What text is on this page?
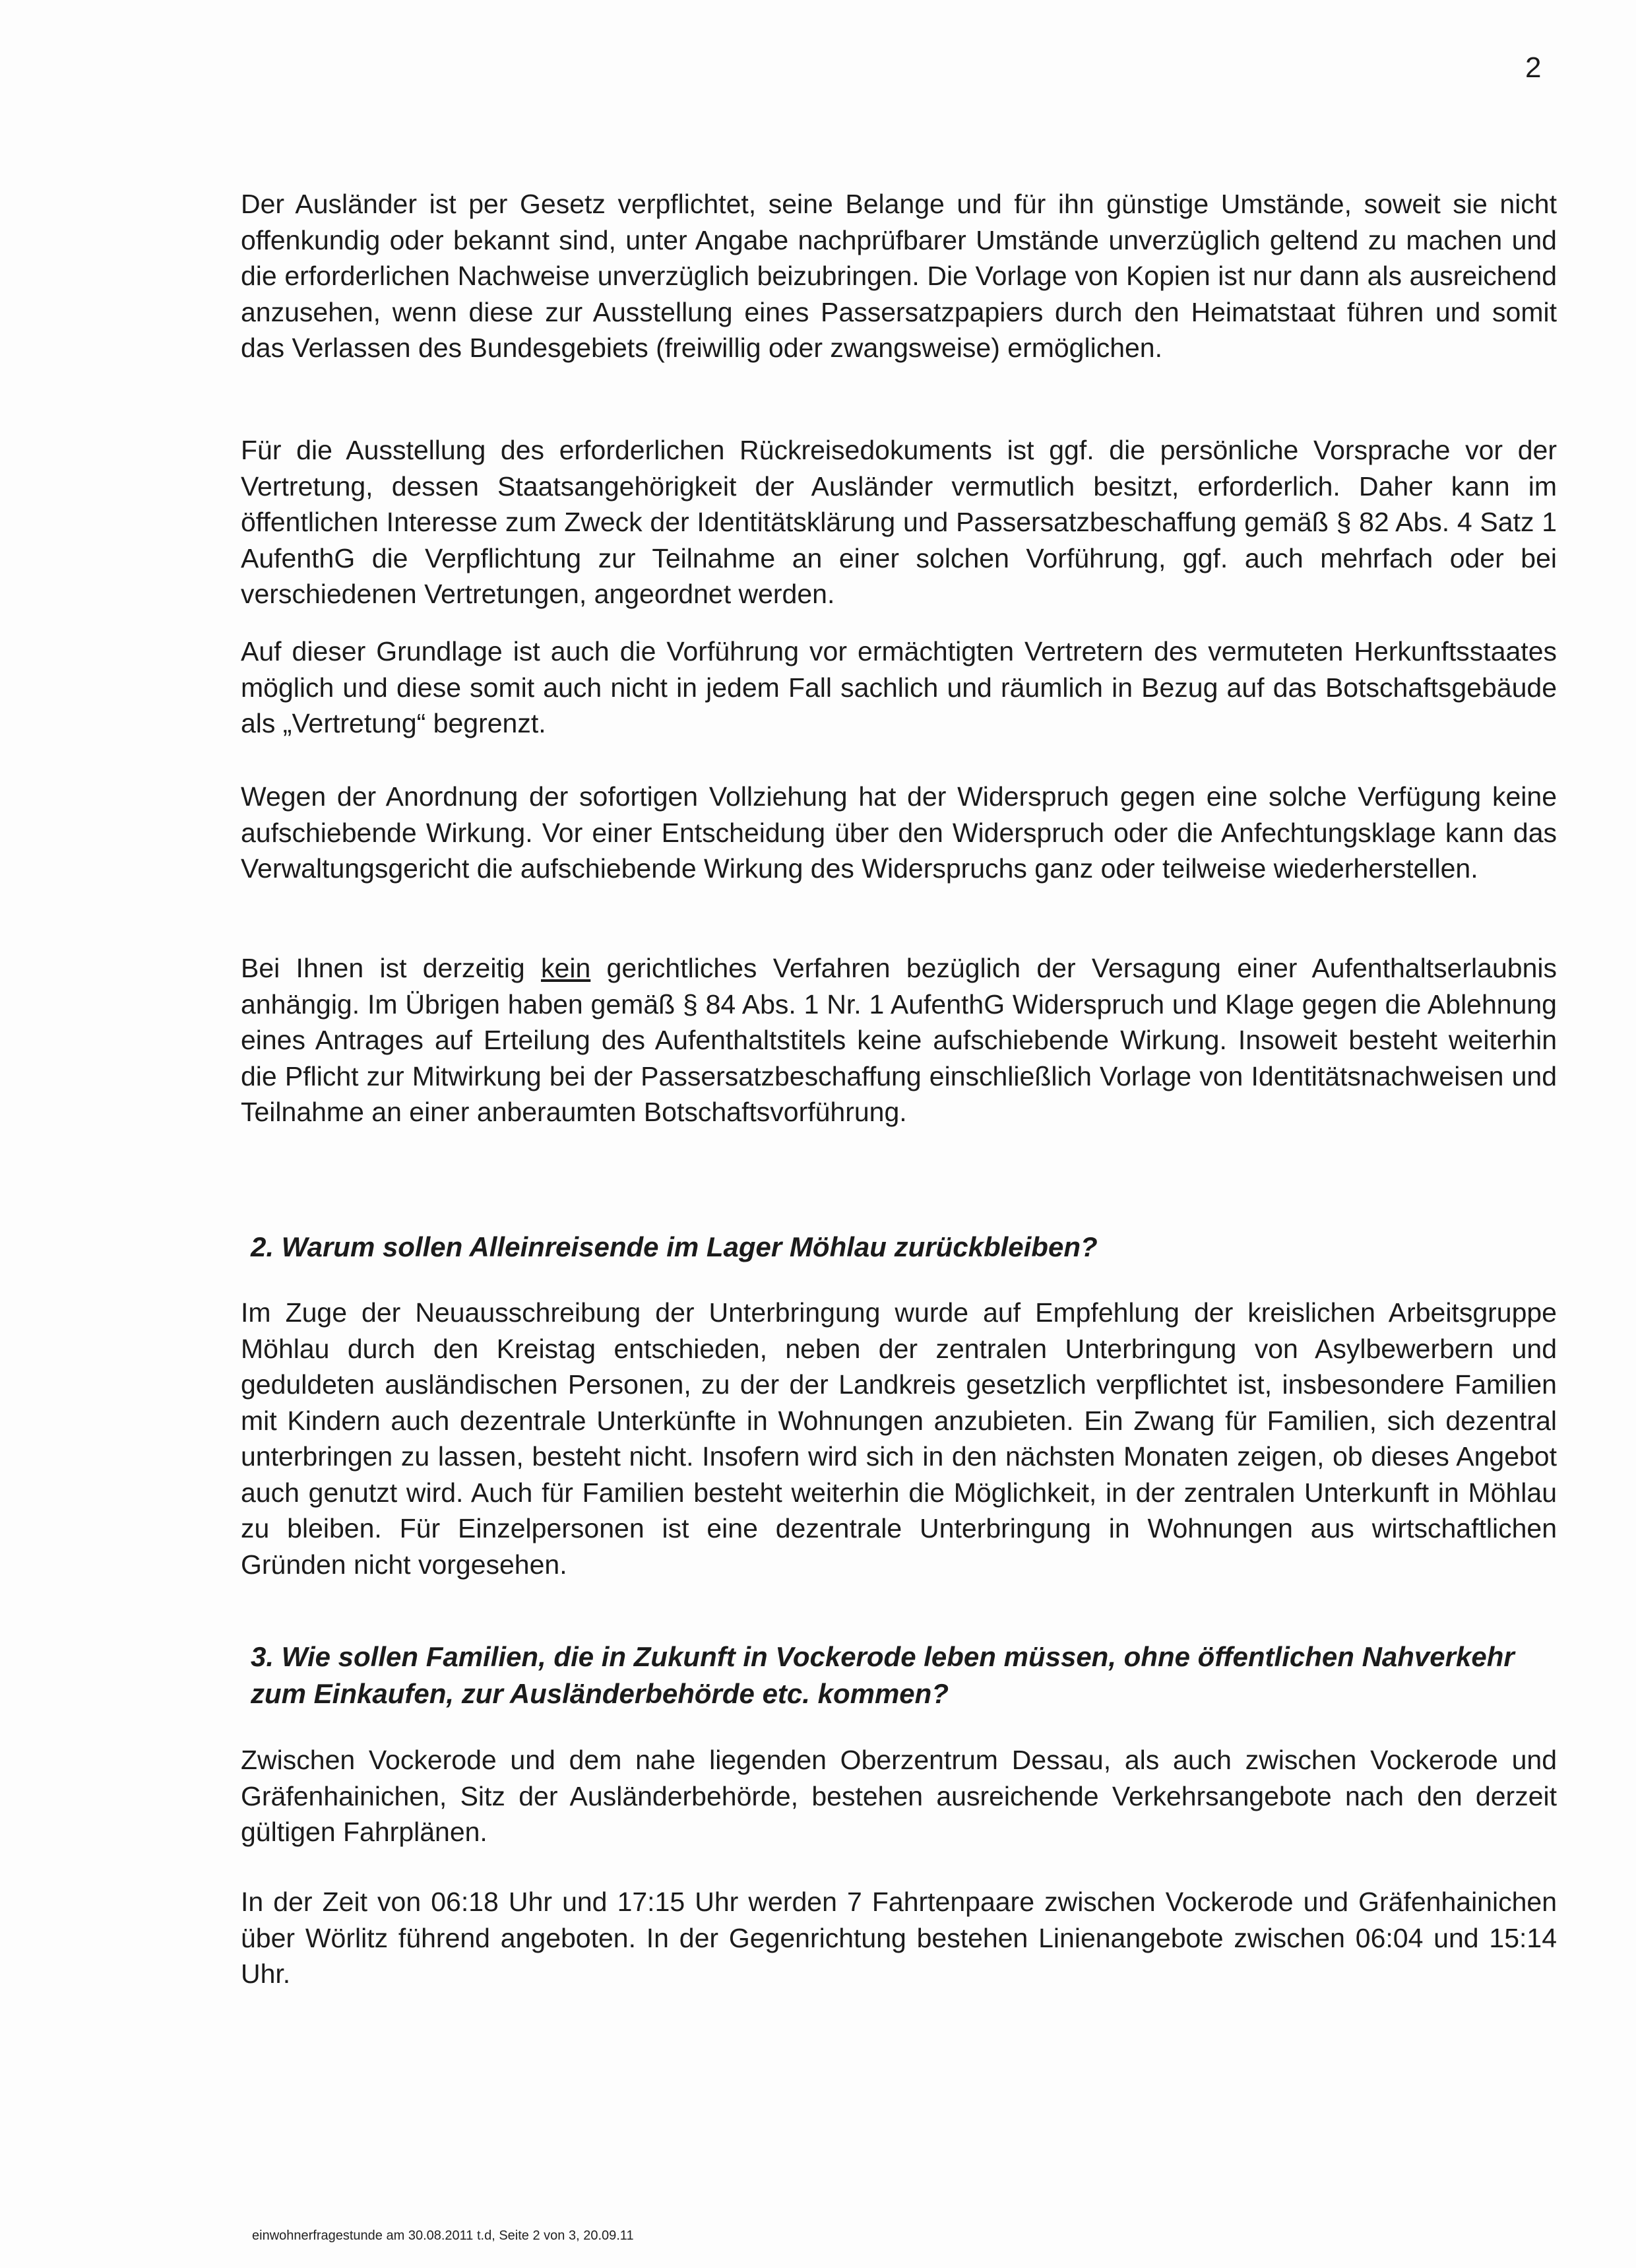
2

Der Ausländer ist per Gesetz verpflichtet, seine Belange und für ihn günstige Umstände, soweit sie nicht offenkundig oder bekannt sind, unter Angabe nachprüfbarer Umstände unverzüglich geltend zu machen und die erforderlichen Nachweise unverzüglich beizubringen. Die Vorlage von Kopien ist nur dann als ausreichend anzusehen, wenn diese zur Ausstellung eines Passersatzpapiers durch den Heimatstaat führen und somit das Verlassen des Bundesgebiets (freiwillig oder zwangsweise) ermöglichen.

Für die Ausstellung des erforderlichen Rückreisedokuments ist ggf. die persönliche Vorsprache vor der Vertretung, dessen Staatsangehörigkeit der Ausländer vermutlich besitzt, erforderlich. Daher kann im öffentlichen Interesse zum Zweck der Identitätsklärung und Passersatzbeschaffung gemäß § 82 Abs. 4 Satz 1 AufenthG die Verpflichtung zur Teilnahme an einer solchen Vorführung, ggf. auch mehrfach oder bei verschiedenen Vertretungen, angeordnet werden.

Auf dieser Grundlage ist auch die Vorführung vor ermächtigten Vertretern des vermuteten Herkunftsstaates möglich und diese somit auch nicht in jedem Fall sachlich und räumlich in Bezug auf das Botschaftsgebäude als „Vertretung“ begrenzt.

Wegen der Anordnung der sofortigen Vollziehung hat der Widerspruch gegen eine solche Verfügung keine aufschiebende Wirkung. Vor einer Entscheidung über den Widerspruch oder die Anfechtungsklage kann das Verwaltungsgericht die aufschiebende Wirkung des Widerspruchs ganz oder teilweise wiederherstellen.

Bei Ihnen ist derzeitig kein gerichtliches Verfahren bezüglich der Versagung einer Aufenthaltserlaubnis anhängig. Im Übrigen haben gemäß § 84 Abs. 1 Nr. 1 AufenthG Widerspruch und Klage gegen die Ablehnung eines Antrages auf Erteilung des Aufenthaltstitels keine aufschiebende Wirkung. Insoweit besteht weiterhin die Pflicht zur Mitwirkung bei der Passersatzbeschaffung einschließlich Vorlage von Identitätsnachweisen und Teilnahme an einer anberaumten Botschaftsvorführung.

2. Warum sollen Alleinreisende im Lager Möhlau zurückbleiben?

Im Zuge der Neuausschreibung der Unterbringung wurde auf Empfehlung der kreislichen Arbeitsgruppe Möhlau durch den Kreistag entschieden, neben der zentralen Unterbringung von Asylbewerbern und geduldeten ausländischen Personen, zu der der Landkreis gesetzlich verpflichtet ist, insbesondere Familien mit Kindern auch dezentrale Unterkünfte in Wohnungen anzubieten. Ein Zwang für Familien, sich dezentral unterbringen zu lassen, besteht nicht. Insofern wird sich in den nächsten Monaten zeigen, ob dieses Angebot auch genutzt wird. Auch für Familien besteht weiterhin die Möglichkeit, in der zentralen Unterkunft in Möhlau zu bleiben. Für Einzelpersonen ist eine dezentrale Unterbringung in Wohnungen aus wirtschaftlichen Gründen nicht vorgesehen.

3. Wie sollen Familien, die in Zukunft in Vockerode leben müssen, ohne öffentlichen Nahverkehr zum Einkaufen, zur Ausländerbehörde etc. kommen?

Zwischen Vockerode und dem nahe liegenden Oberzentrum Dessau, als auch zwischen Vockerode und Gräfenhainichen, Sitz der Ausländerbehörde, bestehen ausreichende Verkehrsangebote nach den derzeit gültigen Fahrplänen.

In der Zeit von 06:18 Uhr und 17:15 Uhr werden 7 Fahrtenpaare zwischen Vockerode und Gräfenhainichen über Wörlitz führend angeboten. In der Gegenrichtung bestehen Linienangebote zwischen 06:04 und 15:14 Uhr.

einwohnerfragestunde am 30.08.2011 t.d, Seite 2 von 3, 20.09.11
